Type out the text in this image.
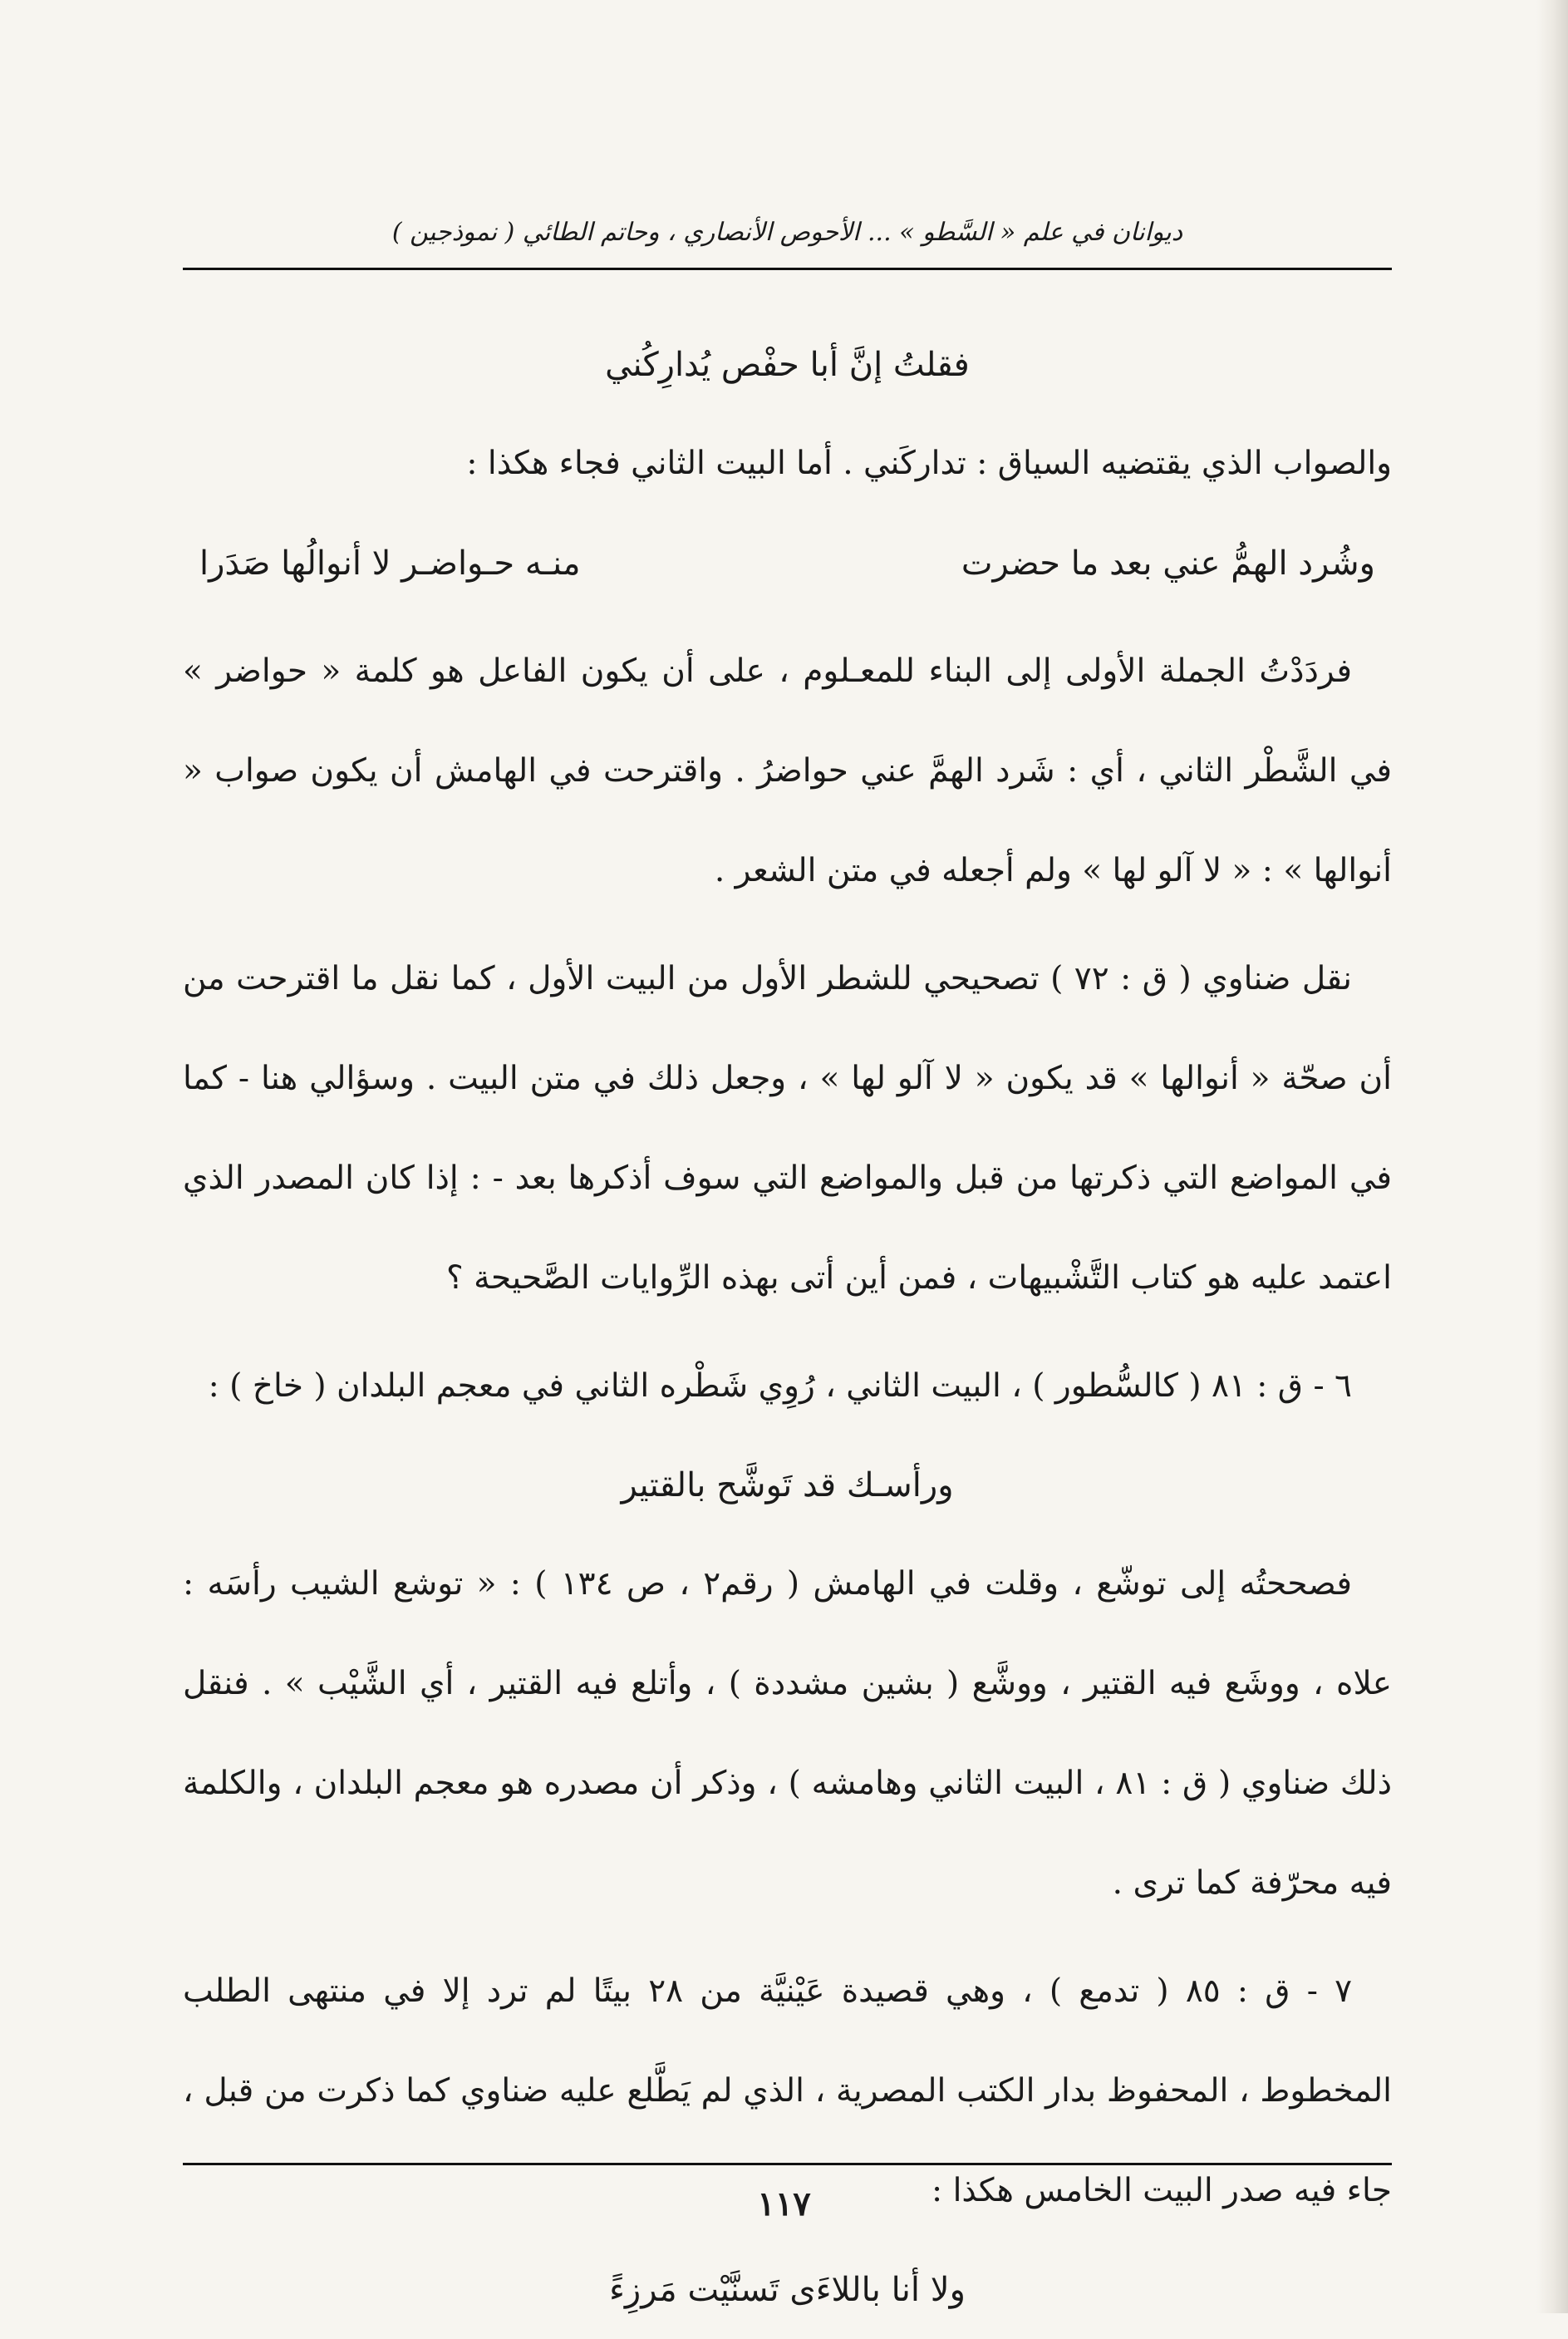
ديوانان في علم « السَّطو » ... الأحوص الأنصاري ، وحاتم الطائي ( نموذجين )

فقلتُ إنَّ أبا حفْص يُدارِكُني

والصواب الذي يقتضيه السياق : تداركَني . أما البيت الثاني فجاء هكذا :

وشُرد الهمُّ عني بعد ما حضرت
منـه حـواضـر لا أنوالُها صَدَرا

فردَدْتُ الجملة الأولى إلى البناء للمعـلوم ، على أن يكون الفاعل هو كلمة « حواضر » في الشَّطْر الثاني ، أي : شَرد الهمَّ عني حواضرُ . واقترحت في الهامش أن يكون صواب « أنوالها » : « لا آلو لها » ولم أجعله في متن الشعر .

نقل ضناوي ( ق : ٧٢ ) تصحيحي للشطر الأول من البيت الأول ، كما نقل ما اقترحت من أن صحّة « أنوالها » قد يكون « لا آلو لها » ، وجعل ذلك في متن البيت . وسؤالي هنا - كما في المواضع التي ذكرتها من قبل والمواضع التي سوف أذكرها بعد - : إذا كان المصدر الذي اعتمد عليه هو كتاب التَّشْبيهات ، فمن أين أتى بهذه الرِّوايات الصَّحيحة ؟

٦ - ق : ٨١ ( كالسُّطور ) ، البيت الثاني ، رُوِي شَطْره الثاني في معجم البلدان ( خاخ ) :

ورأسـك قد تَوشَّح بالقتير

فصححتُه إلى توشّع ، وقلت في الهامش ( رقم٢ ، ص ١٣٤ ) : « توشع الشيب رأسَه : علاه ، ووشَع فيه القتير ، ووشَّع ( بشين مشددة ) ، وأتلع فيه القتير ، أي الشَّيْب » . فنقل ذلك ضناوي ( ق : ٨١ ، البيت الثاني وهامشه ) ، وذكر أن مصدره هو معجم البلدان ، والكلمة فيه محرّفة كما ترى .

٧ - ق : ٨٥ ( تدمع ) ، وهي قصيدة عَيْنيَّة من ٢٨ بيتًا لم ترد إلا في منتهى الطلب المخطوط ، المحفوظ بدار الكتب المصرية ، الذي لم يَطَّلع عليه ضناوي كما ذكرت من قبل ، جاء فيه صدر البيت الخامس هكذا :

ولا أنا باللاءَى تَسنَّيْت مَرزِءً

١١٧
